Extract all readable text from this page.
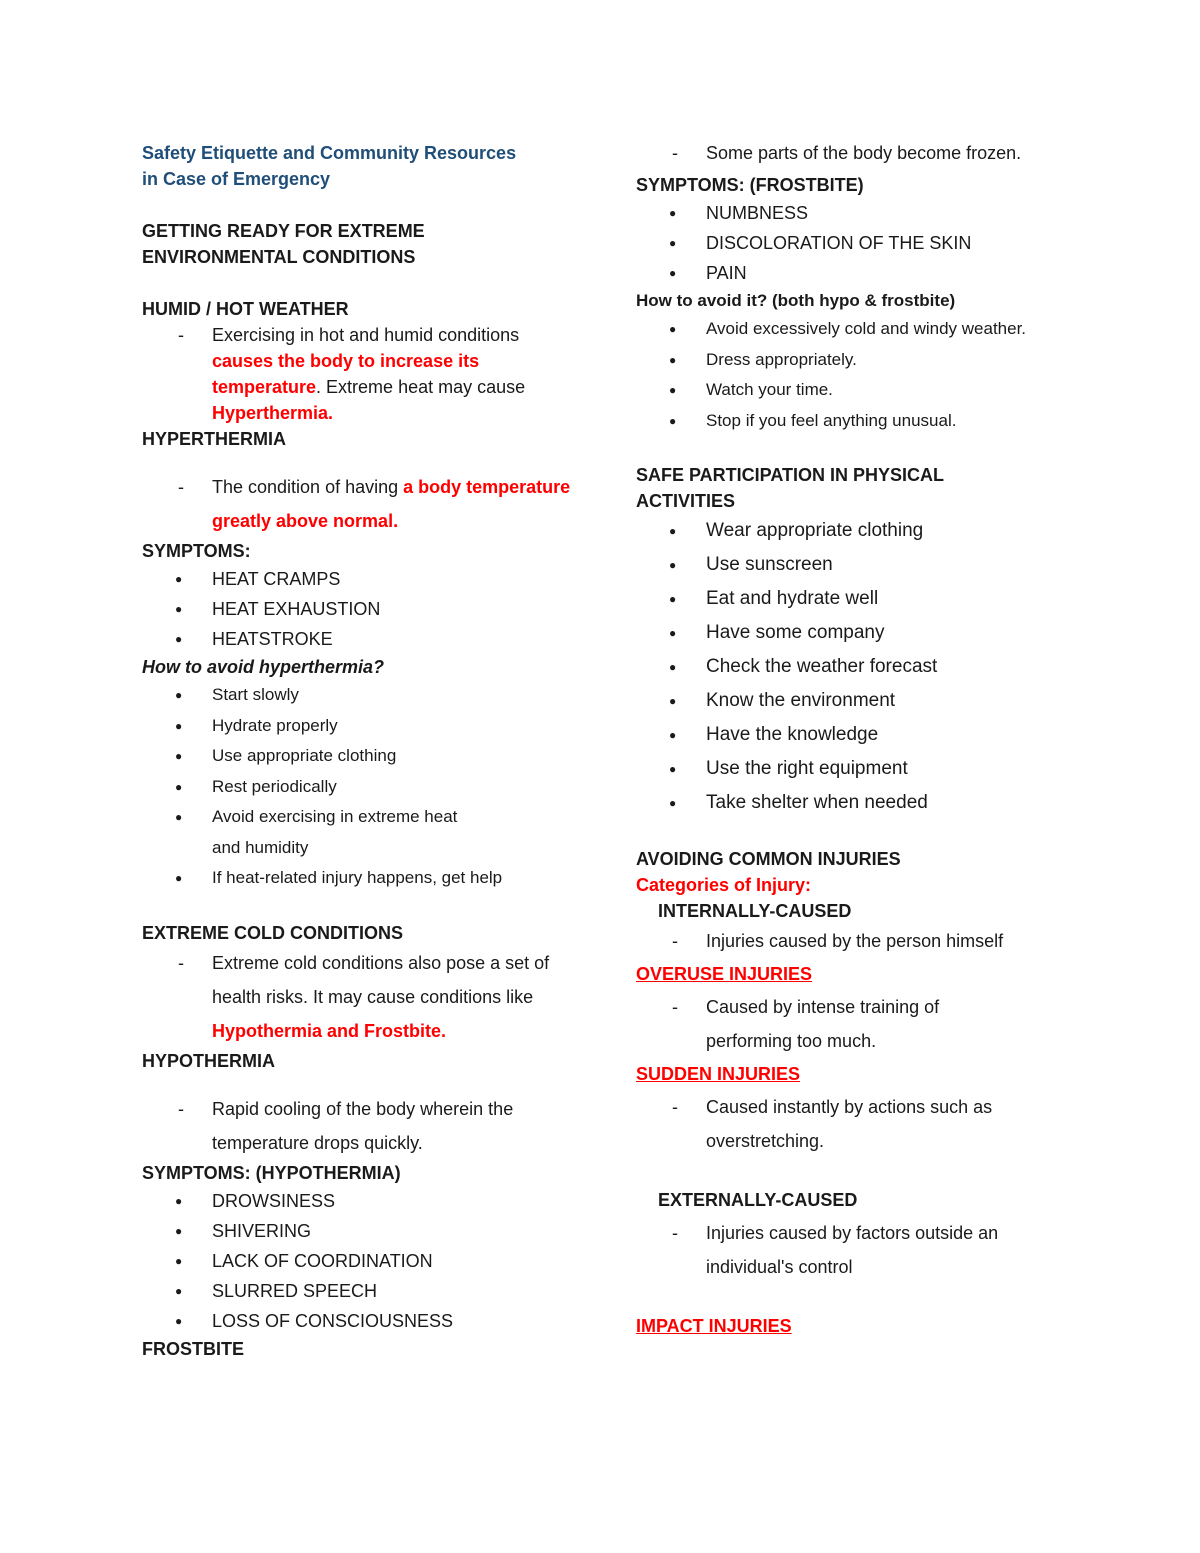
Safety Etiquette and Community Resources
in Case of Emergency

GETTING READY FOR EXTREME
ENVIRONMENTAL CONDITIONS

HUMID / HOT WEATHER

- Exercising in hot and humid conditions causes the body to increase its temperature. Extreme heat may cause Hyperthermia.

HYPERTHERMIA

- The condition of having a body temperature greatly above normal.

SYMPTOMS:

● HEAT CRAMPS
● HEAT EXHAUSTION
● HEATSTROKE

How to avoid hyperthermia?

● Start slowly
● Hydrate properly
● Use appropriate clothing
● Rest periodically
● Avoid exercising in extreme heat and humidity
● If heat-related injury happens, get help

EXTREME COLD CONDITIONS

- Extreme cold conditions also pose a set of health risks. It may cause conditions like Hypothermia and Frostbite.

HYPOTHERMIA

- Rapid cooling of the body wherein the temperature drops quickly.

SYMPTOMS: (HYPOTHERMIA)

● DROWSINESS
● SHIVERING
● LACK OF COORDINATION
● SLURRED SPEECH
● LOSS OF CONSCIOUSNESS

FROSTBITE

- Some parts of the body become frozen.

SYMPTOMS: (FROSTBITE)

● NUMBNESS
● DISCOLORATION OF THE SKIN
● PAIN

How to avoid it? (both hypo & frostbite)

● Avoid excessively cold and windy weather.
● Dress appropriately.
● Watch your time.
● Stop if you feel anything unusual.

SAFE PARTICIPATION IN PHYSICAL
ACTIVITIES

● Wear appropriate clothing
● Use sunscreen
● Eat and hydrate well
● Have some company
● Check the weather forecast
● Know the environment
● Have the knowledge
● Use the right equipment
● Take shelter when needed

AVOIDING COMMON INJURIES

Categories of Injury:

INTERNALLY-CAUSED

- Injuries caused by the person himself

OVERUSE INJURIES

- Caused by intense training of performing too much.

SUDDEN INJURIES

- Caused instantly by actions such as overstretching.

EXTERNALLY-CAUSED

- Injuries caused by factors outside an individual's control

IMPACT INJURIES
